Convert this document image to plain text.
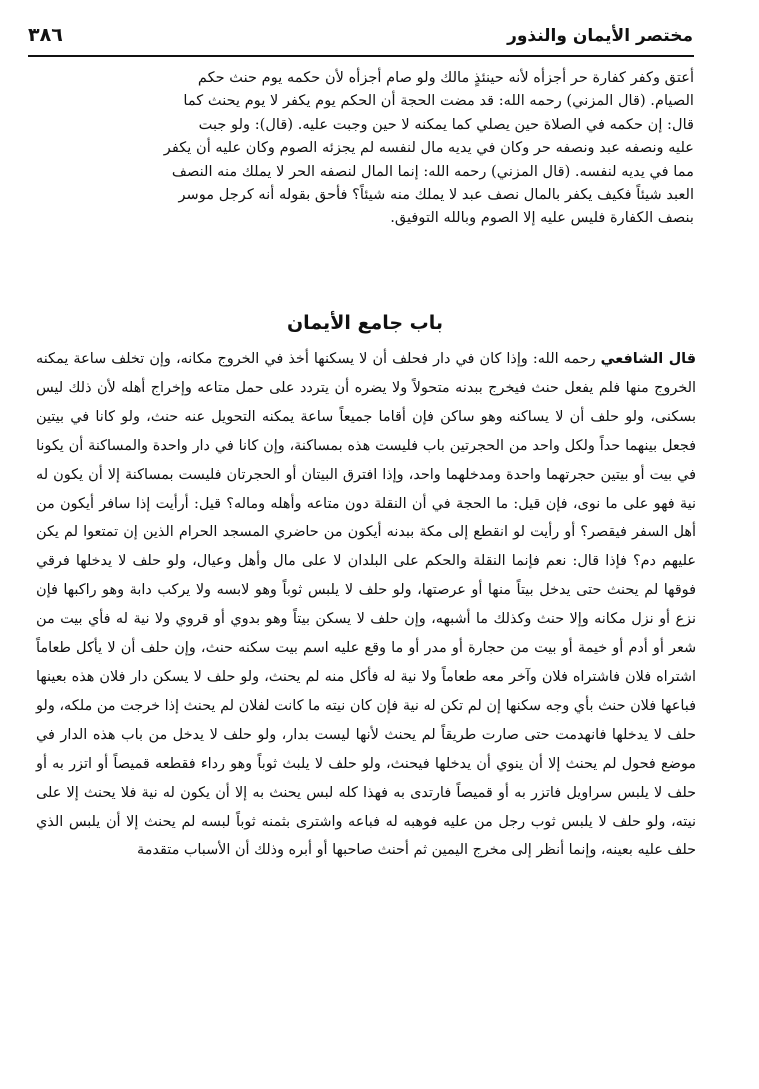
مختصر الأيمان والنذور
٣٨٦
أعتق وكفر كفارة حر أجزأه لأنه حينئذٍ مالك ولو صام أجزأه لأن حكمه يوم حنث حكم
الصيام. (قال المزني) رحمه الله: قد مضت الحجة أن الحكم يوم يكفر لا يوم يحنث كما
قال: إن حكمه في الصلاة حين يصلي كما يمكنه لا حين وجبت عليه. (قال): ولو جبت
عليه ونصفه عبد ونصفه حر وكان في يديه مال لنفسه لم يجزئه الصوم وكان عليه أن يكفر
مما في يديه لنفسه. (قال المزني) رحمه الله: إنما المال لنصفه الحر لا يملك منه النصف
العبد شيئاً فكيف يكفر بالمال نصف عبد لا يملك منه شيئاً؟ فأحق بقوله أنه كرجل موسر
بنصف الكفارة فليس عليه إلا الصوم وبالله التوفيق.
باب جامع الأيمان
قال الشافعي رحمه الله: وإذا كان في دار فحلف أن لا يسكنها أخذ في الخروج مكانه، وإن تخلف ساعة يمكنه الخروج منها فلم يفعل حنث فيخرج ببدنه متحولاً ولا يضره أن يتردد على حمل متاعه وإخراج أهله لأن ذلك ليس بسكنى، ولو حلف أن لا يساكنه وهو ساكن فإن أقاما جميعاً ساعة يمكنه التحويل عنه حنث، ولو كانا في بيتين فجعل بينهما حداً ولكل واحد من الحجرتين باب فليست هذه بمساكنة، وإن كانا في دار واحدة والمساكنة أن يكونا في بيت أو بيتين حجرتهما واحدة ومدخلهما واحد، وإذا افترق البيتان أو الحجرتان فليست بمساكنة إلا أن يكون له نية فهو على ما نوى، فإن قيل: ما الحجة في أن النقلة دون متاعه وأهله وماله؟ قيل: أرأيت إذا سافر أيكون من أهل السفر فيقصر؟ أو رأيت لو انقطع إلى مكة ببدنه أيكون من حاضري المسجد الحرام الذين إن تمتعوا لم يكن عليهم دم؟ فإذا قال: نعم فإنما النقلة والحكم على البلدان لا على مال وأهل وعيال، ولو حلف لا يدخلها فرقي فوقها لم يحنث حتى يدخل بيتاً منها أو عرصتها، ولو حلف لا يلبس ثوباً وهو لابسه ولا يركب دابة وهو راكبها فإن نزع أو نزل مكانه وإلا حنث وكذلك ما أشبهه، وإن حلف لا يسكن بيتاً وهو بدوي أو قروي ولا نية له فأي بيت من شعر أو أدم أو خيمة أو بيت من حجارة أو مدر أو ما وقع عليه اسم بيت سكنه حنث، وإن حلف أن لا يأكل طعاماً اشتراه فلان فاشتراه فلان وآخر معه طعاماً ولا نية له فأكل منه لم يحنث، ولو حلف لا يسكن دار فلان هذه بعينها فباعها فلان حنث بأي وجه سكنها إن لم تكن له نية فإن كان نيته ما كانت لفلان لم يحنث إذا خرجت من ملكه، ولو حلف لا يدخلها فانهدمت حتى صارت طريقاً لم يحنث لأنها ليست بدار، ولو حلف لا يدخل من باب هذه الدار في موضع فحول لم يحنث إلا أن ينوي أن يدخلها فيحنث، ولو حلف لا يلبث ثوباً وهو رداء فقطعه قميصاً أو اتزر به أو حلف لا يلبس سراويل فاتزر به أو قميصاً فارتدى به فهذا كله لبس يحنث به إلا أن يكون له نية فلا يحنث إلا على نيته، ولو حلف لا يلبس ثوب رجل من عليه فوهبه له فباعه واشترى بثمنه ثوباً لبسه لم يحنث إلا أن يلبس الذي حلف عليه بعينه، وإنما أنظر إلى مخرج اليمين ثم أحنث صاحبها أو أبره وذلك أن الأسباب متقدمة
